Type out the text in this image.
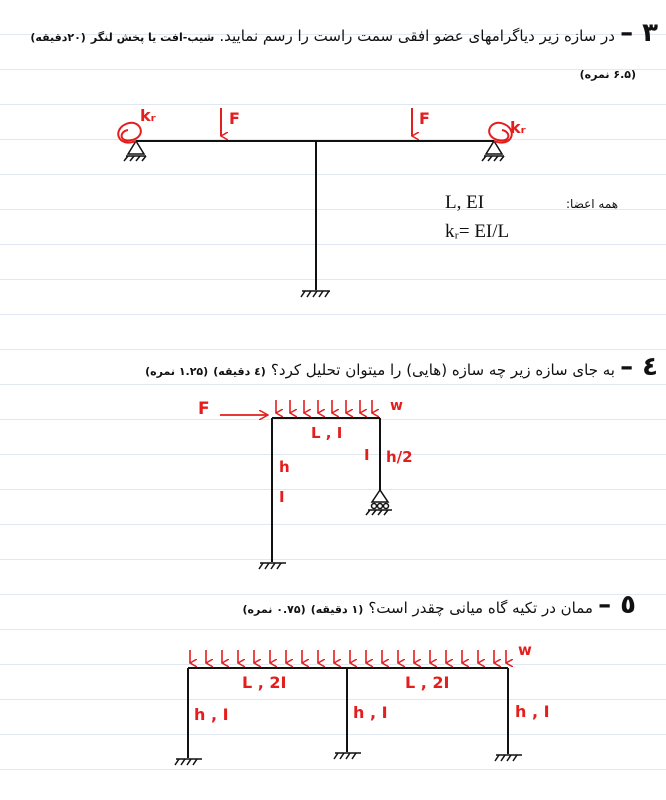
۳ – در سازه زیر دیاگرامهای عضو افقی سمت راست را رسم نمایید. شیب-افت یا پخش لنگر (۲۰دقیقه)
(۶.۵ نمره)
٤ – به جای سازه زیر چه سازه (هایی) را میتوان تحلیل کرد؟ (٤ دقیقه) (۱.۲۵ نمره)
٥ – ممان در تکیه گاه میانی چقدر است؟ (۱ دقیقه) (۰.۷۵ نمره)
kᵣ
kᵣ
F	F
همه اعضا:
L, EI
kᵣ= EI/L
w
F
L , I
h
I
I h/2
w
L , 2I	L , 2I
h , I	h , I	h , I
